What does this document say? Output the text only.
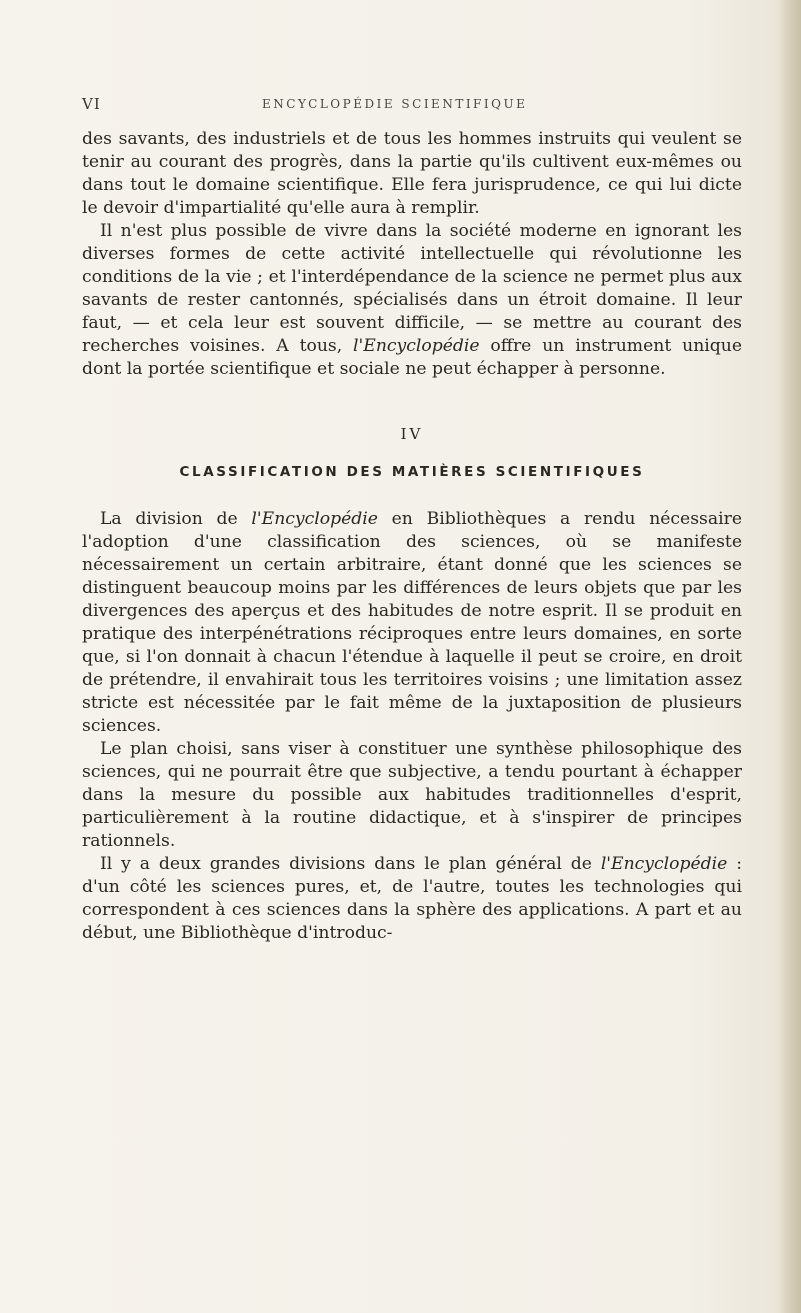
VI	ENCYCLOPÉDIE SCIENTIFIQUE

des savants, des industriels et de tous les hommes instruits qui veulent se tenir au courant des progrès, dans la partie qu'ils cultivent eux-mêmes ou dans tout le domaine scientifique. Elle fera jurisprudence, ce qui lui dicte le devoir d'impartialité qu'elle aura à remplir.

Il n'est plus possible de vivre dans la société moderne en ignorant les diverses formes de cette activité intellectuelle qui révolutionne les conditions de la vie ; et l'interdépendance de la science ne permet plus aux savants de rester cantonnés, spécialisés dans un étroit domaine. Il leur faut, — et cela leur est souvent difficile, — se mettre au courant des recherches voisines. A tous, l'Encyclopédie offre un instrument unique dont la portée scientifique et sociale ne peut échapper à personne.

IV
CLASSIFICATION DES MATIÈRES SCIENTIFIQUES

La division de l'Encyclopédie en Bibliothèques a rendu nécessaire l'adoption d'une classification des sciences, où se manifeste nécessairement un certain arbitraire, étant donné que les sciences se distinguent beaucoup moins par les différences de leurs objets que par les divergences des aperçus et des habitudes de notre esprit. Il se produit en pratique des interpénétrations réciproques entre leurs domaines, en sorte que, si l'on donnait à chacun l'étendue à laquelle il peut se croire, en droit de prétendre, il envahirait tous les territoires voisins ; une limitation assez stricte est nécessitée par le fait même de la juxtaposition de plusieurs sciences.

Le plan choisi, sans viser à constituer une synthèse philosophique des sciences, qui ne pourrait être que subjective, a tendu pourtant à échapper dans la mesure du possible aux habitudes traditionnelles d'esprit, particulièrement à la routine didactique, et à s'inspirer de principes rationnels.

Il y a deux grandes divisions dans le plan général de l'Encyclopédie : d'un côté les sciences pures, et, de l'autre, toutes les technologies qui correspondent à ces sciences dans la sphère des applications. A part et au début, une Bibliothèque d'introduc-
